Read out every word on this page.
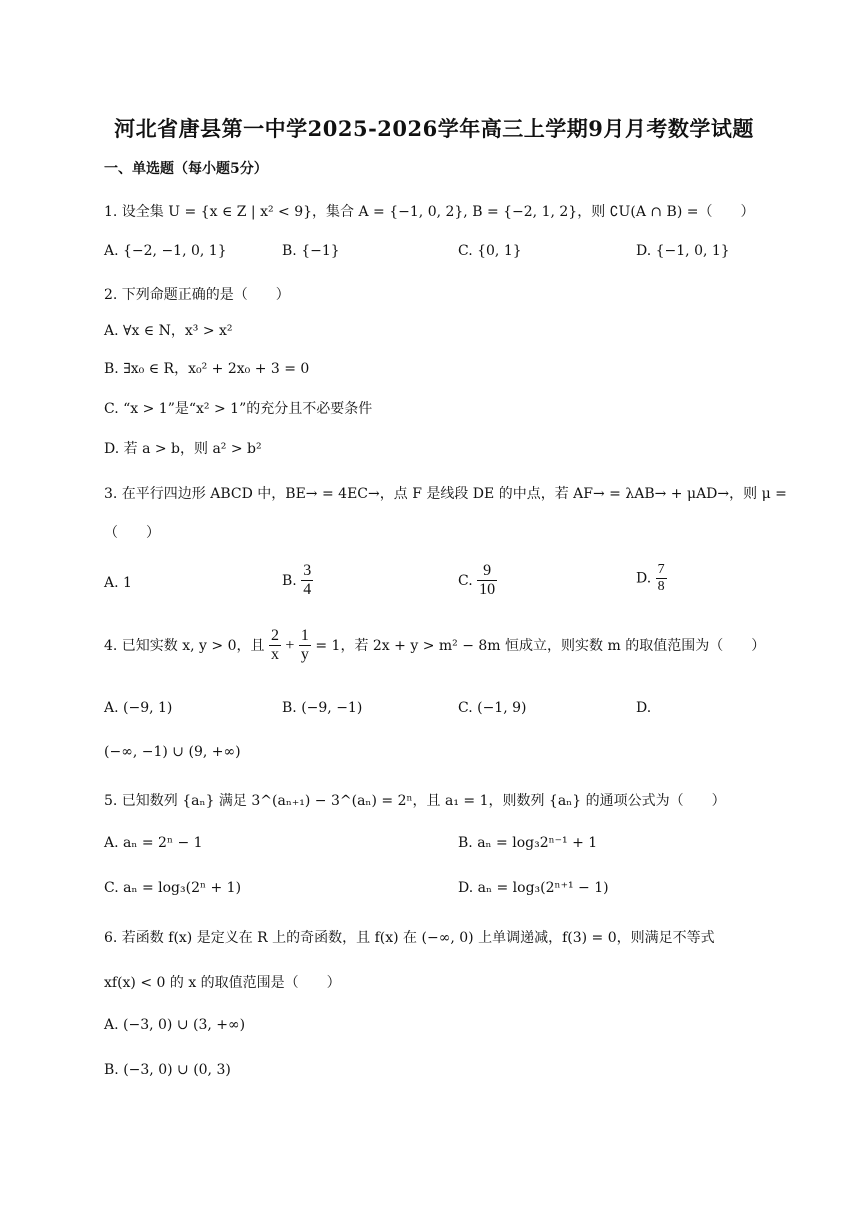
河北省唐县第一中学2025-2026学年高三上学期9月月考数学试题
一、单选题（每小题5分）
1. 设全集 U = {x ∈ Z | x² < 9}，集合 A = {−1, 0, 2}, B = {−2, 1, 2}，则 ∁U(A ∩ B) =（　　）
A. {−2, −1, 0, 1}	B. {−1}	C. {0, 1}	D. {−1, 0, 1}
2. 下列命题正确的是（　　）
A. ∀x ∈ N，x³ > x²
B. ∃x₀ ∈ R，x₀² + 2x₀ + 3 = 0
C. “x > 1”是“x² > 1”的充分且不必要条件
D. 若 a > b，则 a² > b²
3. 在平行四边形 ABCD 中，BE→ = 4EC→，点 F 是线段 DE 的中点，若 AF→ = λAB→ + μAD→，则 μ =
（　　）
A. 1	B. $\frac{3}{4}$	C. $\frac{9}{10}$	D. $\frac{7}{8}$
4. 已知实数 x, y > 0，且 $\frac{2}{x} + \frac{1}{y} = 1$，若 2x + y > m² − 8m 恒成立，则实数 m 的取值范围为（　　）
A. (−9, 1)	B. (−9, −1)	C. (−1, 9)	D.
(−∞, −1) ∪ (9, +∞)
5. 已知数列 {aₙ} 满足 3^(aₙ₊₁) − 3^(aₙ) = 2ⁿ，且 a₁ = 1，则数列 {aₙ} 的通项公式为（　　）
A. aₙ = 2ⁿ − 1	B. aₙ = log₃2ⁿ⁻¹ + 1
C. aₙ = log₃(2ⁿ + 1)	D. aₙ = log₃(2ⁿ⁺¹ − 1)
6. 若函数 f(x) 是定义在 R 上的奇函数，且 f(x) 在 (−∞, 0) 上单调递减，f(3) = 0，则满足不等式
xf(x) < 0 的 x 的取值范围是（　　）
A. (−3, 0) ∪ (3, +∞)
B. (−3, 0) ∪ (0, 3)
